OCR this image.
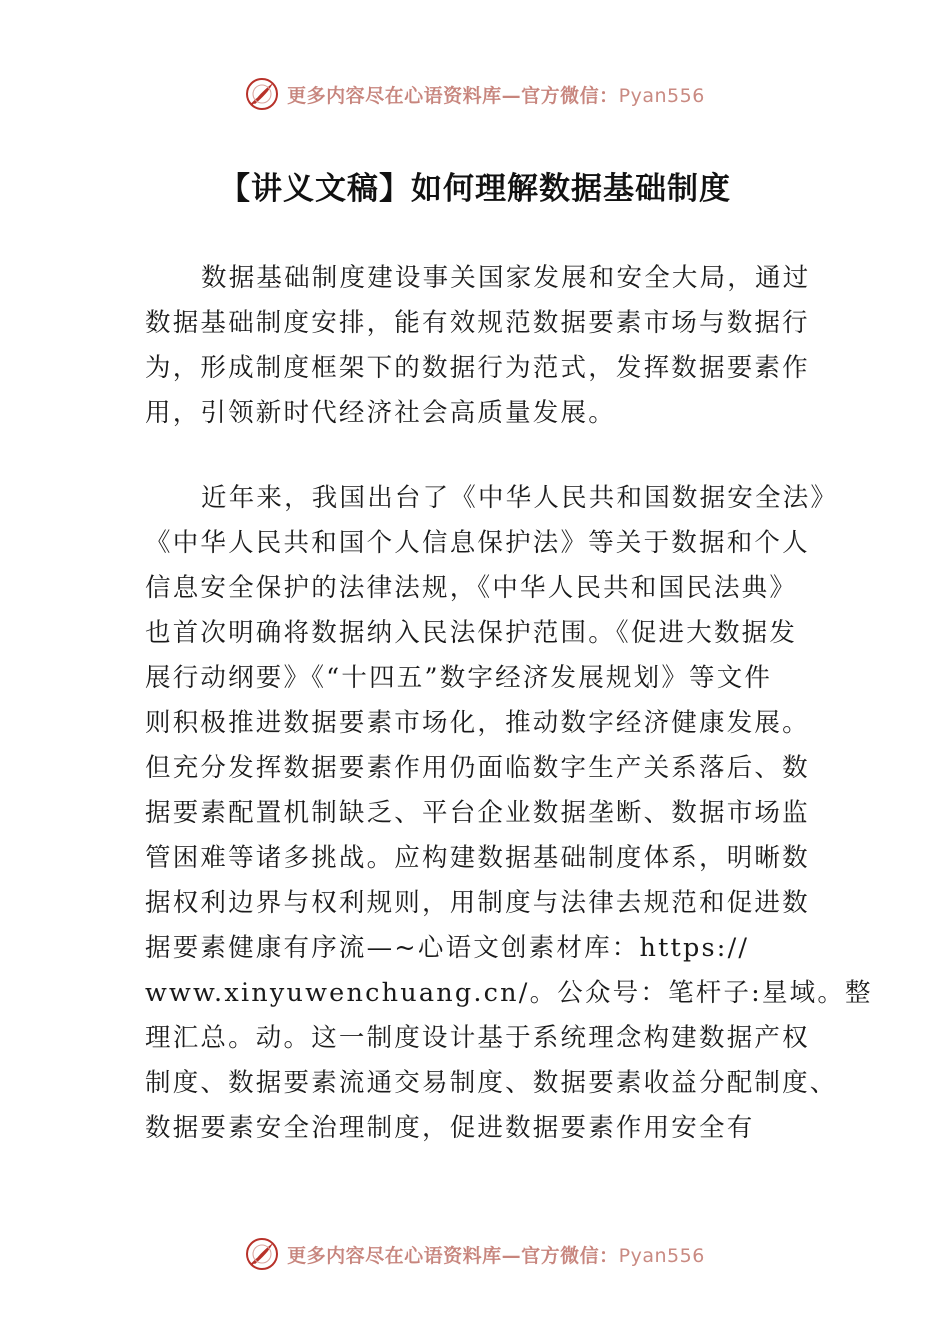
更多内容尽在心语资料库—官方微信：Pyan556
【讲义文稿】如何理解数据基础制度
数据基础制度建设事关国家发展和安全大局，通过
数据基础制度安排，能有效规范数据要素市场与数据行
为，形成制度框架下的数据行为范式，发挥数据要素作
用，引领新时代经济社会高质量发展。
近年来，我国出台了《中华人民共和国数据安全法》
《中华人民共和国个人信息保护法》等关于数据和个人
信息安全保护的法律法规，《中华人民共和国民法典》
也首次明确将数据纳入民法保护范围。《促进大数据发
展行动纲要》《“十四五”数字经济发展规划》等文件
则积极推进数据要素市场化，推动数字经济健康发展。
但充分发挥数据要素作用仍面临数字生产关系落后、数
据要素配置机制缺乏、平台企业数据垄断、数据市场监
管困难等诸多挑战。应构建数据基础制度体系，明晰数
据权利边界与权利规则，用制度与法律去规范和促进数
据要素健康有序流—~心语文创素材库：https://
www.xinyuwenchuang.cn/。公众号：笔杆子:星域。整
理汇总。动。这一制度设计基于系统理念构建数据产权
制度、数据要素流通交易制度、数据要素收益分配制度、
数据要素安全治理制度，促进数据要素作用安全有
更多内容尽在心语资料库—官方微信：Pyan556
